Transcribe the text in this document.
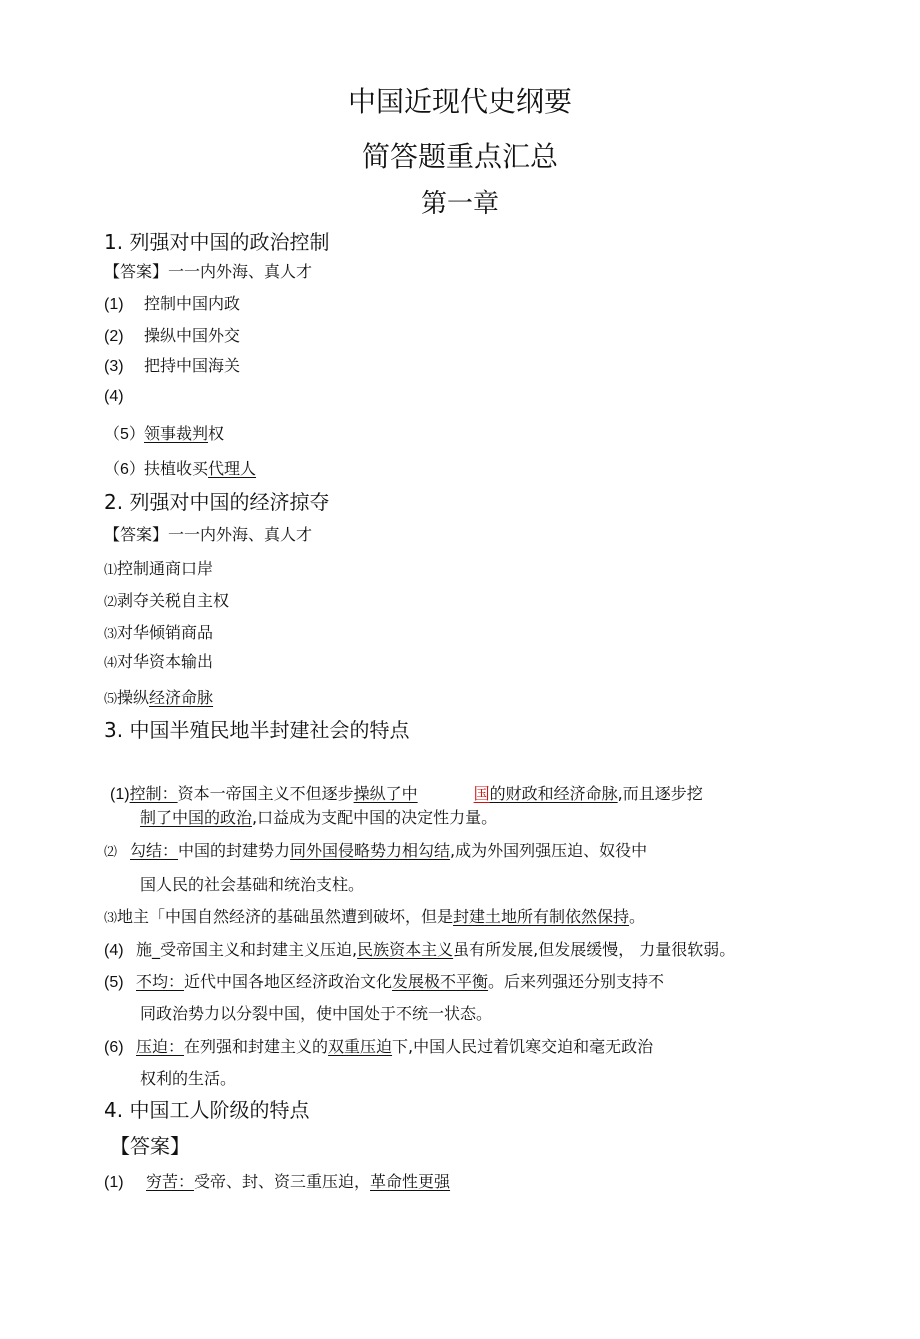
中国近现代史纲要
简答题重点汇总
第一章
1. 列强对中国的政治控制
【答案】一一内外海、真人才
(1) 控制中国内政
(2) 操纵中国外交
(3) 把持中国海关
(4)
（5）领事裁判权
（6）扶植收买代理人
2. 列强对中国的经济掠夺
【答案】一一内外海、真人才
⑴控制通商口岸
⑵剥夺关税自主权
⑶对华倾销商品
⑷对华资本输出
⑸操纵经济命脉
3. 中国半殖民地半封建社会的特点
(1)控制：资本一帝国主义不但逐步操纵了中	国的财政和经济命脉,而且逐步挖
制了中国的政治,口益成为支配中国的决定性力量。
⑵ 勾结：中国的封建势力同外国侵略势力相勾结,成为外国列强压迫、奴役中
国人民的社会基础和统治支柱。
⑶地主「中国自然经济的基础虽然遭到破坏，但是封建土地所有制依然保持。
(4) 施_受帝国主义和封建主义压迫,民族资本主义虽有所发展,但发展缓慢， 力量很软弱。
(5) 不均：近代中国各地区经济政治文化发展极不平衡。后来列强还分别支持不
同政治势力以分裂中国，使中国处于不统一状态。
(6) 压迫：在列强和封建主义的双重压迫下,中国人民过着饥寒交迫和毫无政治
权利的生活。
4. 中国工人阶级的特点
【答案】
(1) 穷苦：受帝、封、资三重压迫，革命性更强
